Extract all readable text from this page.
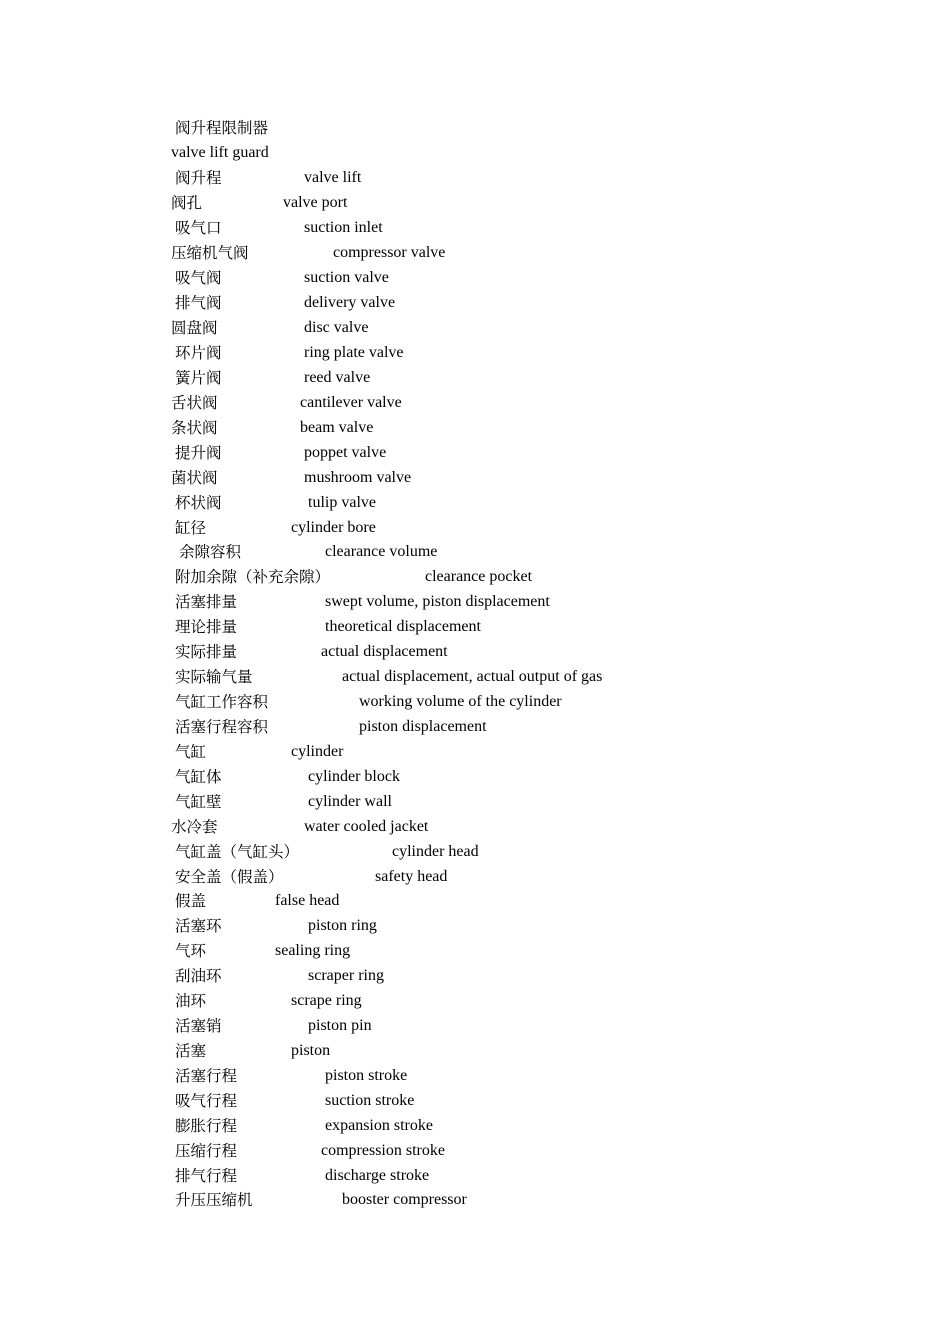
阀升程限制器
valve lift guard
阀升程	valve lift
阀孔	valve port
吸气口	suction inlet
压缩机气阀	compressor valve
吸气阀	suction valve
排气阀	delivery valve
圆盘阀	disc valve
环片阀	ring plate valve
簧片阀	reed valve
舌状阀	cantilever valve
条状阀	beam valve
提升阀	poppet valve
菌状阀	mushroom valve
杯状阀	tulip valve
缸径	cylinder bore
余隙容积	clearance volume
附加余隙（补充余隙）	clearance pocket
活塞排量	swept volume, piston displacement
理论排量	theoretical displacement
实际排量	actual displacement
实际输气量	actual displacement, actual output of gas
气缸工作容积	working volume of the cylinder
活塞行程容积	piston displacement
气缸	cylinder
气缸体	cylinder block
气缸壁	cylinder wall
水冷套	water cooled jacket
气缸盖（气缸头）	cylinder head
安全盖（假盖）	safety head
假盖	false head
活塞环	piston ring
气环	sealing ring
刮油环	scraper ring
油环	scrape ring
活塞销	piston pin
活塞	piston
活塞行程	piston stroke
吸气行程	suction stroke
膨胀行程	expansion stroke
压缩行程	compression stroke
排气行程	discharge stroke
升压压缩机	booster compressor
